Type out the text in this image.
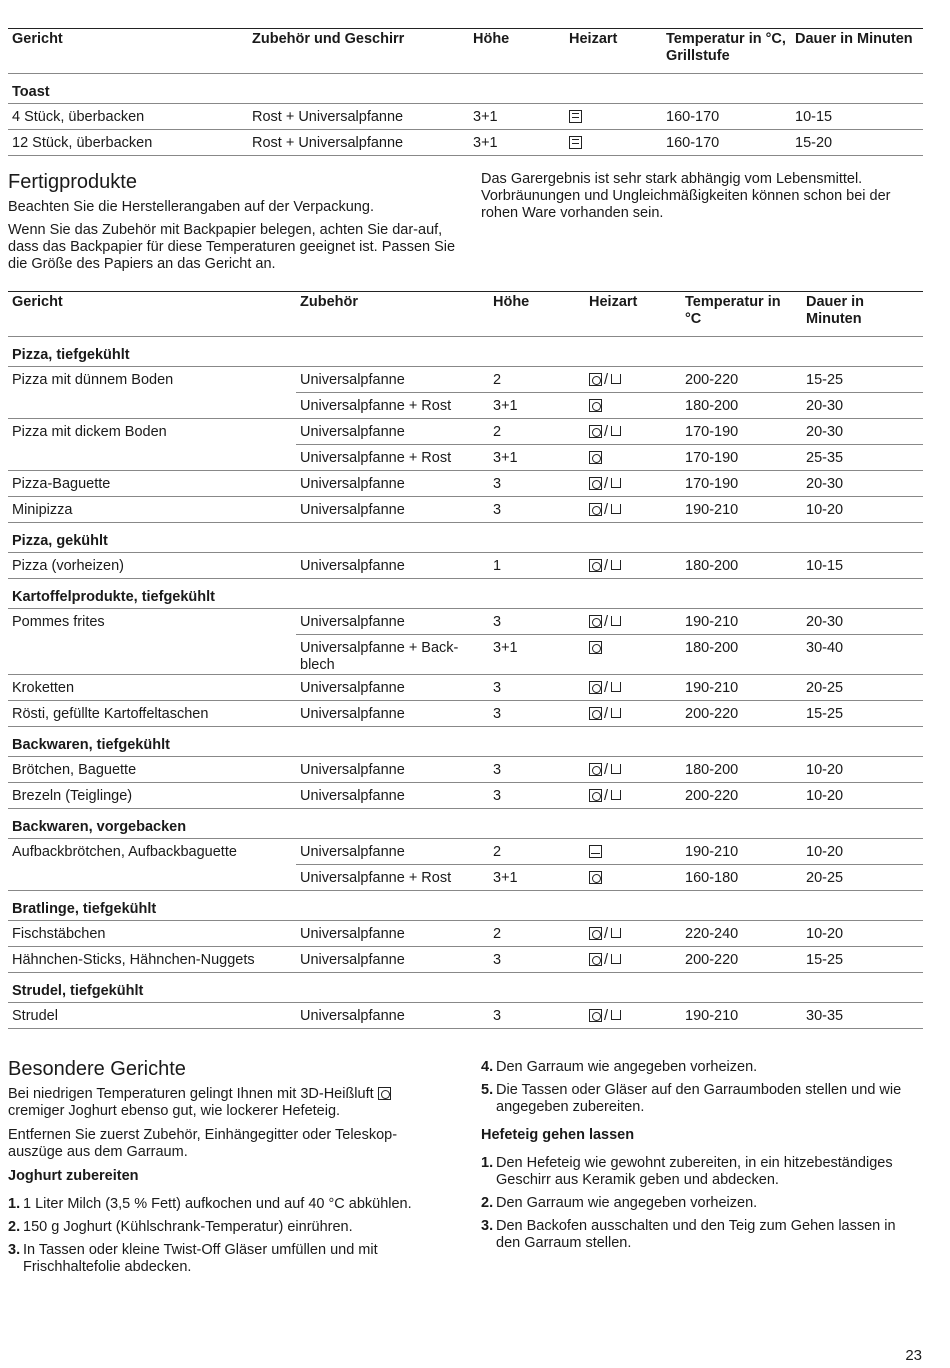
Gericht	Zubehör und Geschirr	Höhe	Heizart	Temperatur in °C, Grillstufe	Dauer in Minuten
Toast					
4 Stück, überbacken	Rost + Universalpfanne	3+1		160-170	10-15
12 Stück, überbacken	Rost + Universalpfanne	3+1		160-170	15-20
Fertigprodukte

Beachten Sie die Herstellerangaben auf der Verpackung.

Wenn Sie das Zubehör mit Backpapier belegen, achten Sie dar-auf, dass das Backpapier für diese Temperaturen geeignet ist. Passen Sie die Größe des Papiers an das Gericht an.

Das Garergebnis ist sehr stark abhängig vom Lebensmittel. Vorbräunungen und Ungleichmäßigkeiten können schon bei der rohen Ware vorhanden sein.

Gericht	Zubehör	Höhe	Heizart	Temperatur in °C	Dauer in Minuten
Pizza, tiefgekühlt					
Pizza mit dünnem Boden	Universalpfanne	2	/	200-220	15-25
	Universalpfanne + Rost	3+1		180-200	20-30
Pizza mit dickem Boden	Universalpfanne	2	/	170-190	20-30
	Universalpfanne + Rost	3+1		170-190	25-35
Pizza-Baguette	Universalpfanne	3	/	170-190	20-30
Minipizza	Universalpfanne	3	/	190-210	10-20
Pizza, gekühlt					
Pizza (vorheizen)	Universalpfanne	1	/	180-200	10-15
Kartoffelprodukte, tiefgekühlt					
Pommes frites	Universalpfanne	3	/	190-210	20-30
	Universalpfanne + Back-blech	3+1		180-200	30-40
Kroketten	Universalpfanne	3	/	190-210	20-25
Rösti, gefüllte Kartoffeltaschen	Universalpfanne	3	/	200-220	15-25
Backwaren, tiefgekühlt					
Brötchen, Baguette	Universalpfanne	3	/	180-200	10-20
Brezeln (Teiglinge)	Universalpfanne	3	/	200-220	10-20
Backwaren, vorgebacken					
Aufbackbrötchen, Aufbackbaguette	Universalpfanne	2		190-210	10-20
	Universalpfanne + Rost	3+1		160-180	20-25
Bratlinge, tiefgekühlt					
Fischstäbchen	Universalpfanne	2	/	220-240	10-20
Hähnchen-Sticks, Hähnchen-Nuggets	Universalpfanne	3	/	200-220	15-25
Strudel, tiefgekühlt					
Strudel	Universalpfanne	3	/	190-210	30-35
Besondere Gerichte

Bei niedrigen Temperaturen gelingt Ihnen mit 3D-Heißluft
cremiger Joghurt ebenso gut, wie lockerer Hefeteig.

Entfernen Sie zuerst Zubehör, Einhängegitter oder Teleskop-auszüge aus dem Garraum.

Joghurt zubereiten

1. 1 Liter Milch (3,5 % Fett) aufkochen und auf 40 °C abkühlen.
2. 150 g Joghurt (Kühlschrank-Temperatur) einrühren.
3. In Tassen oder kleine Twist-Off Gläser umfüllen und mit Frischhaltefolie abdecken.
4. Den Garraum wie angegeben vorheizen.
5. Die Tassen oder Gläser auf den Garraumboden stellen und wie angegeben zubereiten.

Hefeteig gehen lassen

1. Den Hefeteig wie gewohnt zubereiten, in ein hitzebeständiges Geschirr aus Keramik geben und abdecken.
2. Den Garraum wie angegeben vorheizen.
3. Den Backofen ausschalten und den Teig zum Gehen lassen in den Garraum stellen.
23
